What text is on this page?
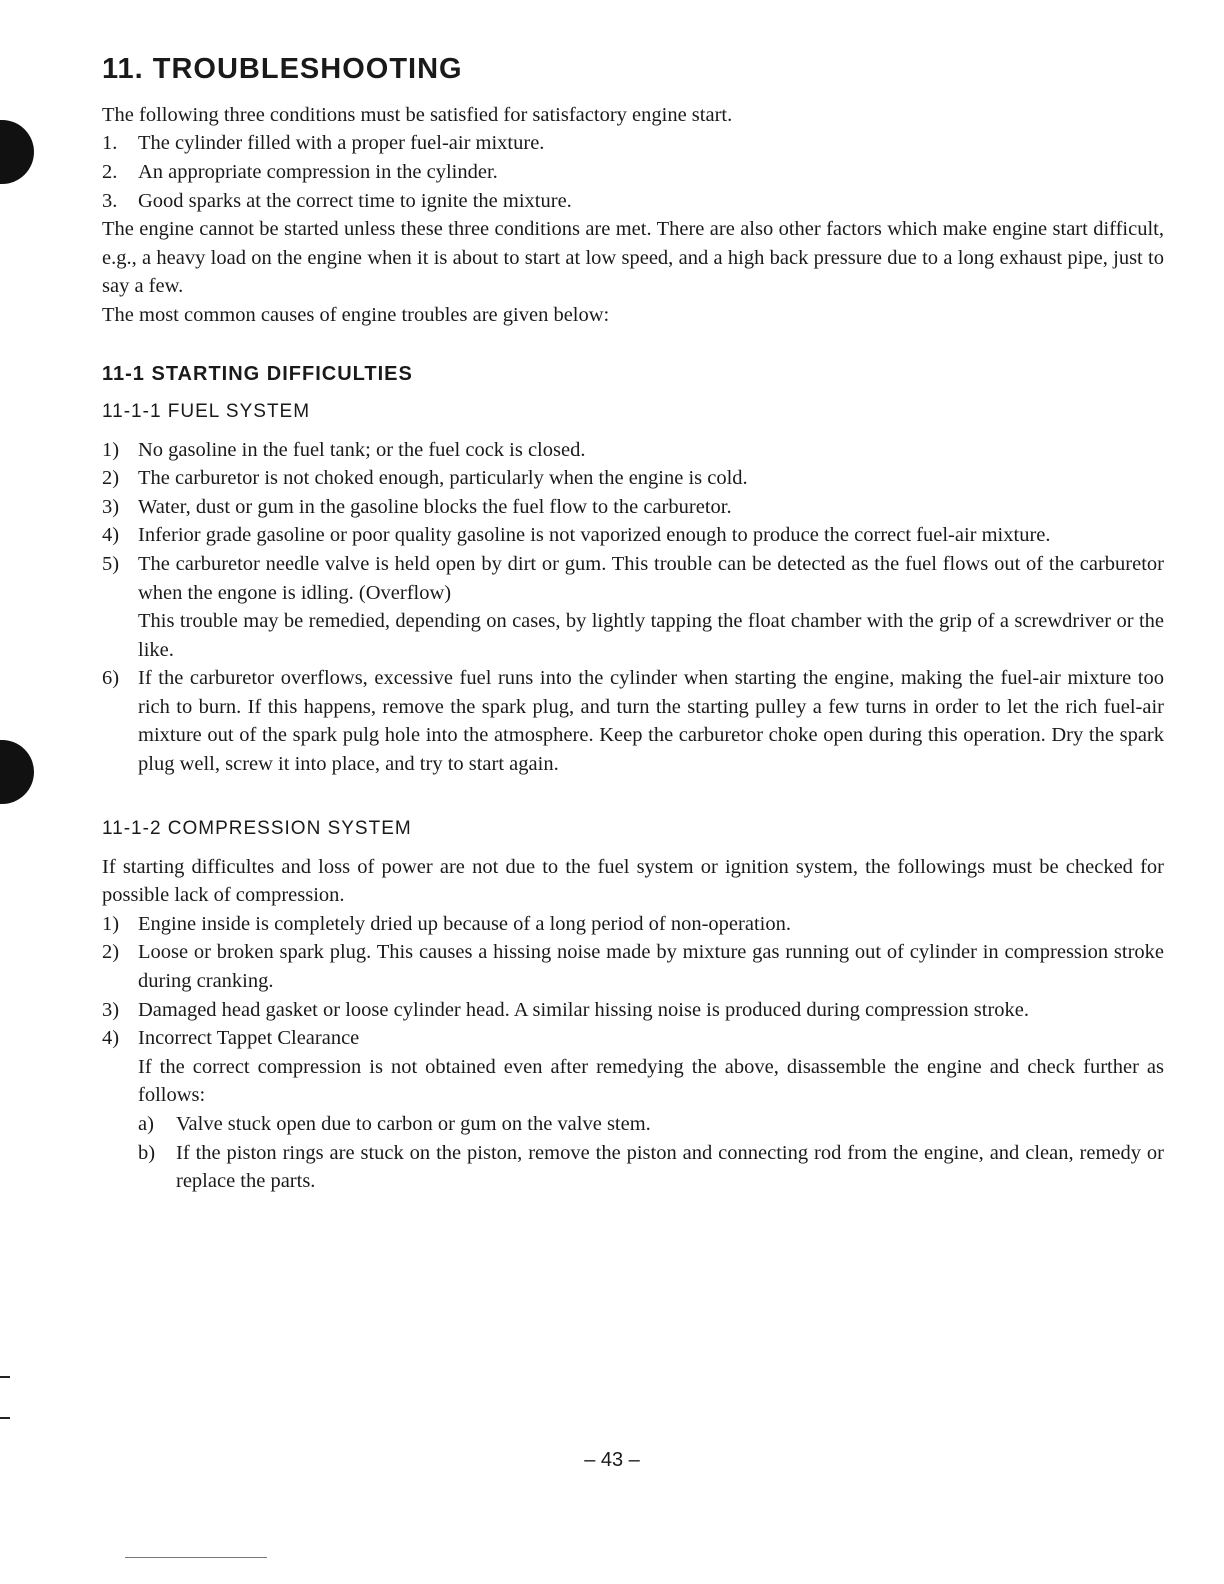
11. TROUBLESHOOTING

The following three conditions must be satisfied for satisfactory engine start.

1.	The cylinder filled with a proper fuel-air mixture.
2.	An appropriate compression in the cylinder.
3.	Good sparks at the correct time to ignite the mixture.

The engine cannot be started unless these three conditions are met. There are also other factors which make engine start difficult, e.g., a heavy load on the engine when it is about to start at low speed, and a high back pressure due to a long exhaust pipe, just to say a few.

The most common causes of engine troubles are given below:

11-1 STARTING DIFFICULTIES
11-1-1 FUEL SYSTEM
1) No gasoline in the fuel tank; or the fuel cock is closed.
2) The carburetor is not choked enough, particularly when the engine is cold.
3) Water, dust or gum in the gasoline blocks the fuel flow to the carburetor.
4) Inferior grade gasoline or poor quality gasoline is not vaporized enough to produce the correct fuel-air mixture.
5) The carburetor needle valve is held open by dirt or gum. This trouble can be detected as the fuel flows out of the carburetor when the engone is idling. (Overflow)
This trouble may be remedied, depending on cases, by lightly tapping the float chamber with the grip of a screwdriver or the like.
6) If the carburetor overflows, excessive fuel runs into the cylinder when starting the engine, making the fuel-air mixture too rich to burn. If this happens, remove the spark plug, and turn the starting pulley a few turns in order to let the rich fuel-air mixture out of the spark pulg hole into the atmosphere. Keep the carburetor choke open during this operation. Dry the spark plug well, screw it into place, and try to start again.
11-1-2 COMPRESSION SYSTEM

If starting difficultes and loss of power are not due to the fuel system or ignition system, the followings must be checked for possible lack of compression.

1) Engine inside is completely dried up because of a long period of non-operation.
2) Loose or broken spark plug. This causes a hissing noise made by mixture gas running out of cylinder in compression stroke during cranking.
3) Damaged head gasket or loose cylinder head. A similar hissing noise is produced during compression stroke.
4) Incorrect Tappet Clearance
If the correct compression is not obtained even after remedying the above, disassemble the engine and check further as follows:
a)	Valve stuck open due to carbon or gum on the valve stem.
b)	If the piston rings are stuck on the piston, remove the piston and connecting rod from the engine, and clean, remedy or replace the parts.
– 43 –
